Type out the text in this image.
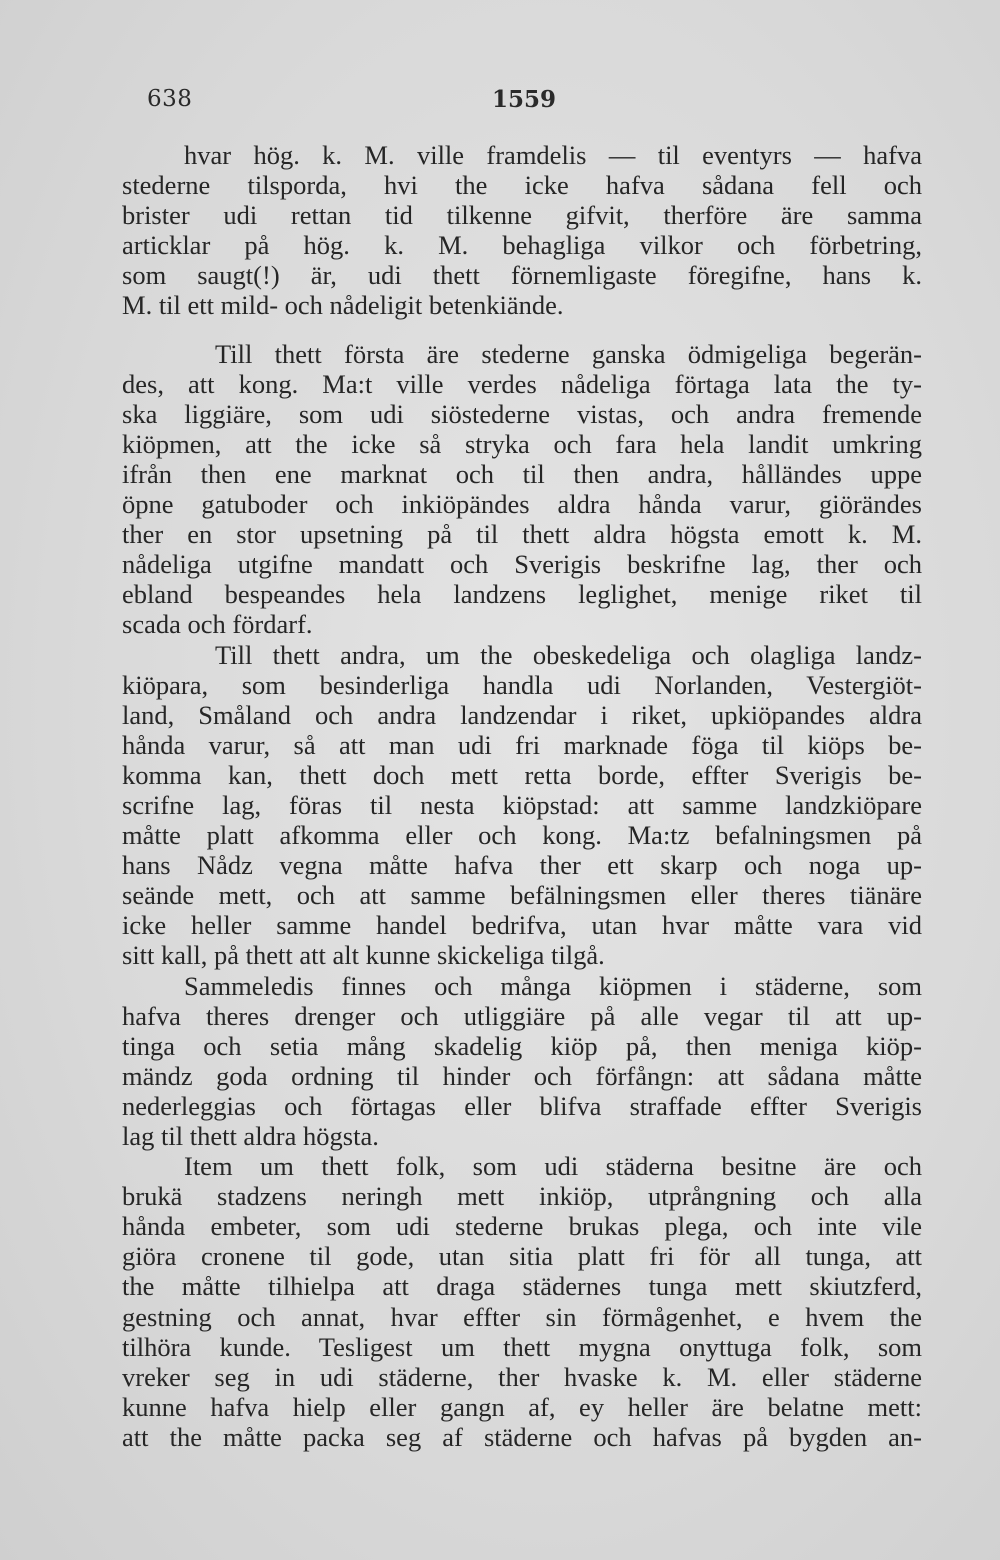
638	1559
hvar hög. k. M. ville framdelis — til eventyrs — hafva
stederne tilsporda, hvi the icke hafva sådana fell och
brister udi rettan tid tilkenne gifvit, therföre äre samma
articklar på hög. k. M. behagliga vilkor och förbetring,
som saugt(!) är, udi thett förnemligaste föregifne, hans k.
M. til ett mild- och nådeligit betenkiände.
Till thett första äre stederne ganska ödmigeliga begerän-
des, att kong. Ma:t ville verdes nådeliga förtaga lata the ty-
ska liggiäre, som udi siöstederne vistas, och andra fremende
kiöpmen, att the icke så stryka och fara hela landit umkring
ifrån then ene marknat och til then andra, hålländes uppe
öpne gatuboder och inkiöpändes aldra hånda varur, giörändes
ther en stor upsetning på til thett aldra högsta emott k. M.
nådeliga utgifne mandatt och Sverigis beskrifne lag, ther och
ebland bespeandes hela landzens leglighet, menige riket til
scada och fördarf.
Till thett andra, um the obeskedeliga och olagliga landz-
kiöpara, som besinderliga handla udi Norlanden, Vestergiöt-
land, Småland och andra landzendar i riket, upkiöpandes aldra
hånda varur, så att man udi fri marknade föga til kiöps be-
komma kan, thett doch mett retta borde, effter Sverigis be-
scrifne lag, föras til nesta kiöpstad: att samme landzkiöpare
måtte platt afkomma eller och kong. Ma:tz befalningsmen på
hans Nådz vegna måtte hafva ther ett skarp och noga up-
seände mett, och att samme befälningsmen eller theres tiänäre
icke heller samme handel bedrifva, utan hvar måtte vara vid
sitt kall, på thett att alt kunne skickeliga tilgå.
Sammeledis finnes och många kiöpmen i städerne, som
hafva theres drenger och utliggiäre på alle vegar til att up-
tinga och setia mång skadelig kiöp på, then meniga kiöp-
mändz goda ordning til hinder och förfångn: att sådana måtte
nederleggias och förtagas eller blifva straffade effter Sverigis
lag til thett aldra högsta.
Item um thett folk, som udi städerna besitne äre och
brukä stadzens neringh mett inkiöp, utprångning och alla
hånda embeter, som udi stederne brukas plega, och inte vile
giöra cronene til gode, utan sitia platt fri för all tunga, att
the måtte tilhielpa att draga städernes tunga mett skiutzferd,
gestning och annat, hvar effter sin förmågenhet, e hvem the
tilhöra kunde. Tesligest um thett mygna onyttuga folk, som
vreker seg in udi städerne, ther hvaske k. M. eller städerne
kunne hafva hielp eller gangn af, ey heller äre belatne mett:
att the måtte packa seg af städerne och hafvas på bygden an-
